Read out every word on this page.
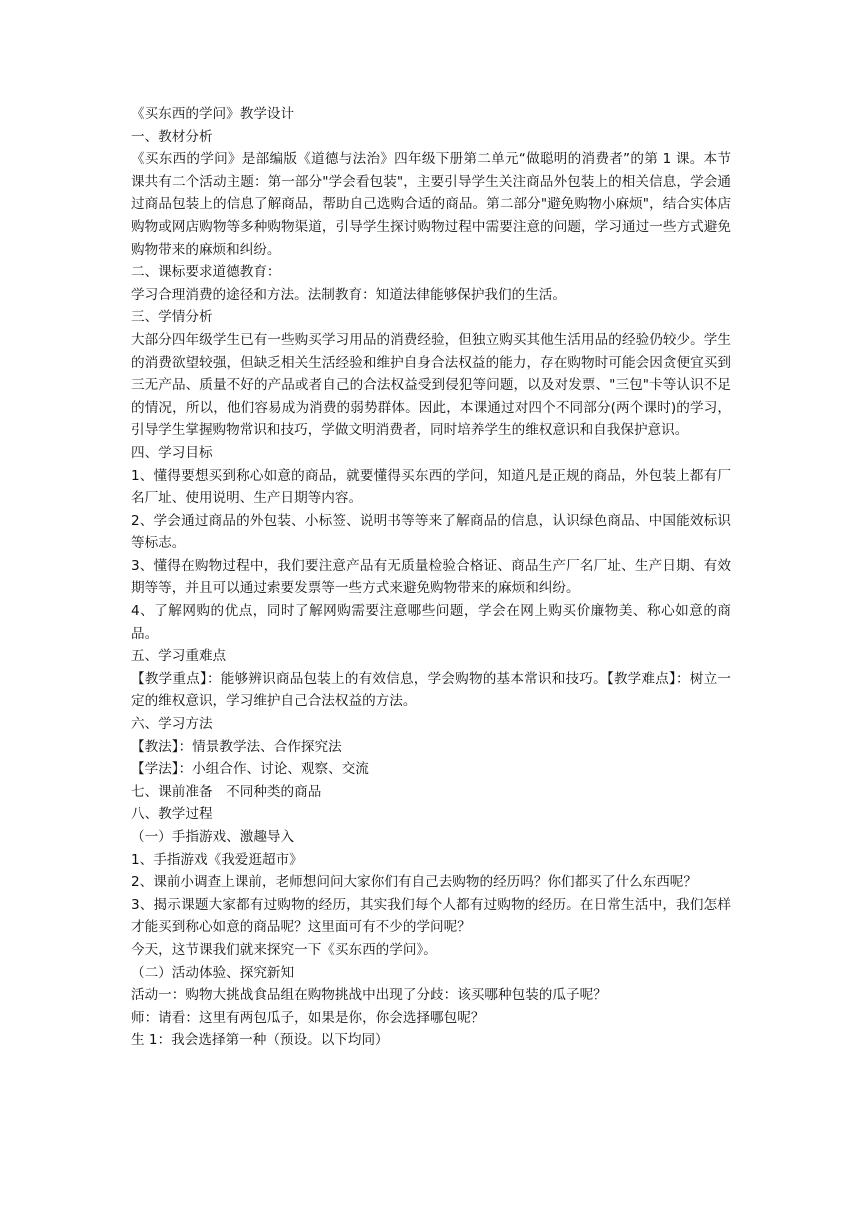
《买东西的学问》教学设计

一、教材分析

《买东西的学问》是部编版《道德与法治》四年级下册第二单元“做聪明的消费者”的第 1 课。本节课共有二个活动主题：第一部分"学会看包装"，主要引导学生关注商品外包装上的相关信息，学会通过商品包装上的信息了解商品，帮助自己选购合适的商品。第二部分"避免购物小麻烦"，结合实体店购物或网店购物等多种购物渠道，引导学生探讨购物过程中需要注意的问题，学习通过一些方式避免购物带来的麻烦和纠纷。

二、课标要求道德教育：

学习合理消费的途径和方法。法制教育：知道法律能够保护我们的生活。

三、学情分析

大部分四年级学生已有一些购买学习用品的消费经验，但独立购买其他生活用品的经验仍较少。学生的消费欲望较强，但缺乏相关生活经验和维护自身合法权益的能力，存在购物时可能会因贪便宜买到三无产品、质量不好的产品或者自己的合法权益受到侵犯等问题，以及对发票、"三包"卡等认识不足的情况，所以，他们容易成为消费的弱势群体。因此，本课通过对四个不同部分(两个课时)的学习，引导学生掌握购物常识和技巧，学做文明消费者，同时培养学生的维权意识和自我保护意识。

四、学习目标

1、懂得要想买到称心如意的商品，就要懂得买东西的学问，知道凡是正规的商品，外包装上都有厂名厂址、使用说明、生产日期等内容。

2、学会通过商品的外包装、小标签、说明书等等来了解商品的信息，认识绿色商品、中国能效标识等标志。

3、懂得在购物过程中，我们要注意产品有无质量检验合格证、商品生产厂名厂址、生产日期、有效期等等，并且可以通过索要发票等一些方式来避免购物带来的麻烦和纠纷。

4、了解网购的优点，同时了解网购需要注意哪些问题，学会在网上购买价廉物美、称心如意的商品。

五、学习重难点

【教学重点】：能够辨识商品包装上的有效信息，学会购物的基本常识和技巧。【教学难点】：树立一定的维权意识，学习维护自己合法权益的方法。

六、学习方法

【教法】：情景教学法、合作探究法

【学法】：小组合作、讨论、观察、交流

七、课前准备　不同种类的商品

八、教学过程

（一）手指游戏、激趣导入

1、手指游戏《我爱逛超市》

2、课前小调查上课前，老师想问问大家你们有自己去购物的经历吗？你们都买了什么东西呢？

3、揭示课题大家都有过购物的经历，其实我们每个人都有过购物的经历。在日常生活中，我们怎样才能买到称心如意的商品呢？这里面可有不少的学问呢？

今天，这节课我们就来探究一下《买东西的学问》。

（二）活动体验、探究新知

活动一：购物大挑战食品组在购物挑战中出现了分歧：该买哪种包装的瓜子呢？

师：请看：这里有两包瓜子，如果是你，你会选择哪包呢？

生 1：我会选择第一种（预设。以下均同）
